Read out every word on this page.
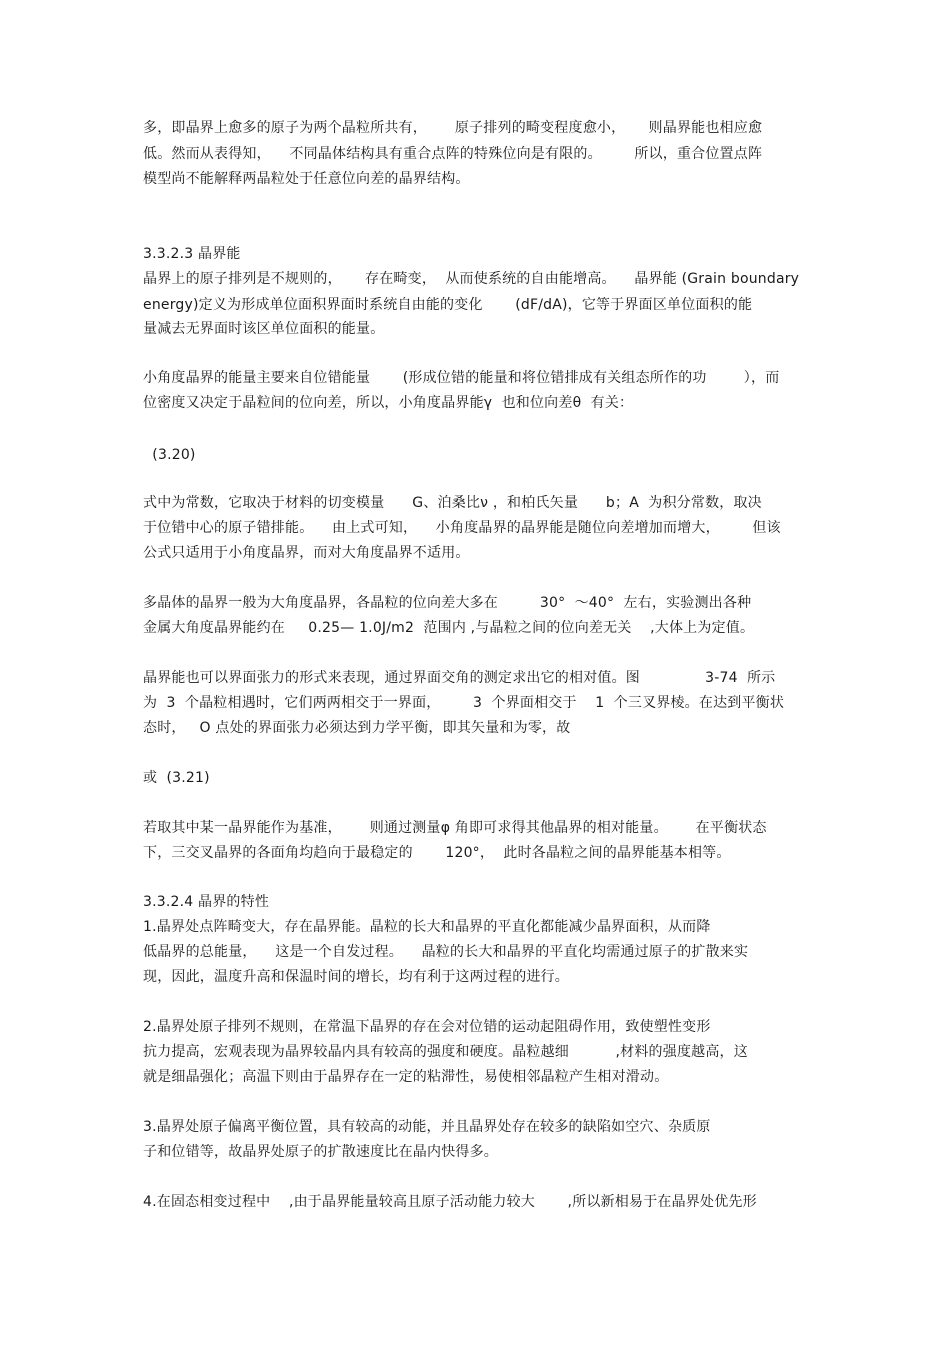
多，即晶界上愈多的原子为两个晶粒所共有，      原子排列的畸变程度愈小，     则晶界能也相应愈
低。然而从表得知，    不同晶体结构具有重合点阵的特殊位向是有限的。       所以，重合位置点阵
模型尚不能解释两晶粒处于任意位向差的晶界结构。
3.3.2.3 晶界能
晶界上的原子排列是不规则的，     存在畸变，  从而使系统的自由能增高。    晶界能 (Grain boundary
energy)定义为形成单位面积界面时系统自由能的变化       (dF/dA)，它等于界面区单位面积的能
量减去无界面时该区单位面积的能量。
小角度晶界的能量主要来自位错能量       (形成位错的能量和将位错排成有关组态所作的功        ），而
位密度又决定于晶粒间的位向差，所以，小角度晶界能γ  也和位向差θ  有关：
(3.20)
式中为常数，它取决于材料的切变模量      G、泊桑比ν ，和柏氏矢量      b；A  为积分常数，取决
于位错中心的原子错排能。    由上式可知，    小角度晶界的晶界能是随位向差增加而增大，       但该
公式只适用于小角度晶界，而对大角度晶界不适用。
多晶体的晶界一般为大角度晶界，各晶粒的位向差大多在         30°  ～40°  左右，实验测出各种
金属大角度晶界能约在     0.25— 1.0J/m2  范围内 ,与晶粒之间的位向差无关    ,大体上为定值。
晶界能也可以界面张力的形式来表现，通过界面交角的测定求出它的相对值。图              3-74  所示
为  3  个晶粒相遇时，它们两两相交于一界面，       3  个界面相交于    1  个三叉界棱。在达到平衡状
态时，   O 点处的界面张力必须达到力学平衡，即其矢量和为零，故
或  (3.21)
若取其中某一晶界能作为基准，      则通过测量φ 角即可求得其他晶界的相对能量。      在平衡状态
下，三交叉晶界的各面角均趋向于最稳定的       120°，  此时各晶粒之间的晶界能基本相等。
3.3.2.4 晶界的特性
1.晶界处点阵畸变大，存在晶界能。晶粒的长大和晶界的平直化都能减少晶界面积，从而降
低晶界的总能量，    这是一个自发过程。    晶粒的长大和晶界的平直化均需通过原子的扩散来实
现，因此，温度升高和保温时间的增长，均有利于这两过程的进行。
2.晶界处原子排列不规则，在常温下晶界的存在会对位错的运动起阻碍作用，致使塑性变形
抗力提高，宏观表现为晶界较晶内具有较高的强度和硬度。晶粒越细          ,材料的强度越高，这
就是细晶强化；高温下则由于晶界存在一定的粘滞性，易使相邻晶粒产生相对滑动。
3.晶界处原子偏离平衡位置，具有较高的动能，并且晶界处存在较多的缺陷如空穴、杂质原
子和位错等，故晶界处原子的扩散速度比在晶内快得多。
4.在固态相变过程中    ,由于晶界能量较高且原子活动能力较大       ,所以新相易于在晶界处优先形
